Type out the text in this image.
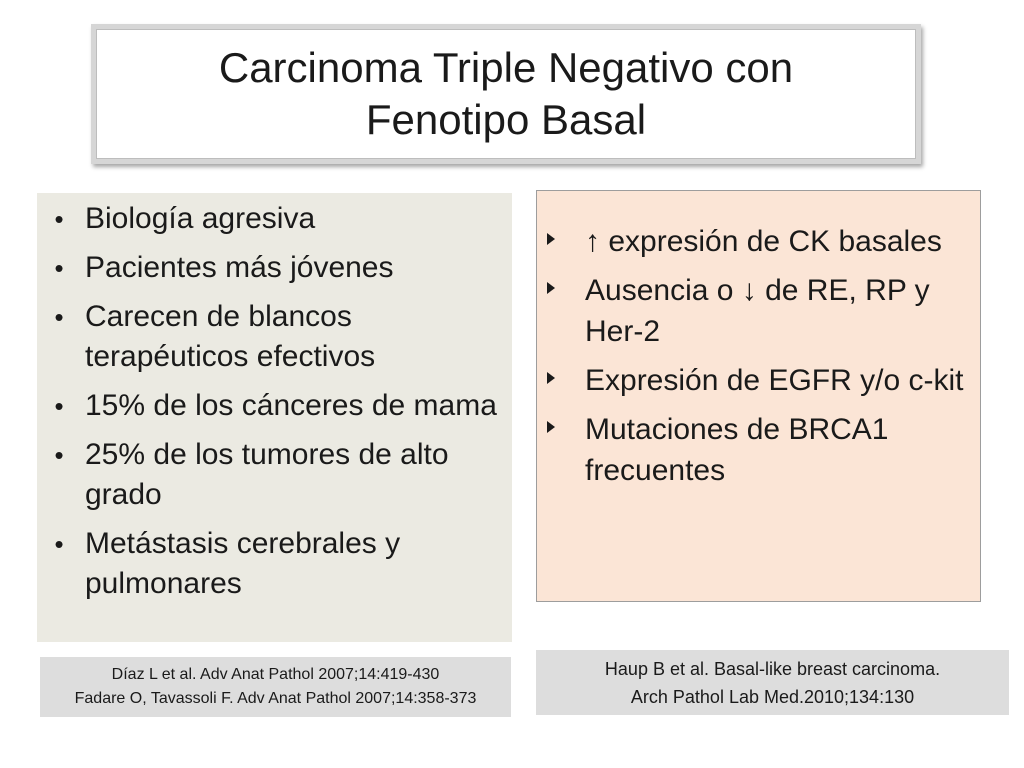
Carcinoma Triple Negativo con
Fenotipo Basal
• Biología agresiva
• Pacientes más jóvenes
• Carecen de blancos terapéuticos efectivos
• 15% de los cánceres de mama
• 25% de los tumores de alto grado
• Metástasis cerebrales y pulmonares
↑ expresión de CK basales
Ausencia o ↓ de RE, RP y Her-2
Expresión de EGFR y/o c-kit
Mutaciones de BRCA1 frecuentes
Díaz L et al. Adv Anat Pathol 2007;14:419-430
Fadare O, Tavassoli F. Adv Anat Pathol 2007;14:358-373
Haup B et al. Basal-like breast carcinoma.
Arch Pathol Lab Med.2010;134:130
